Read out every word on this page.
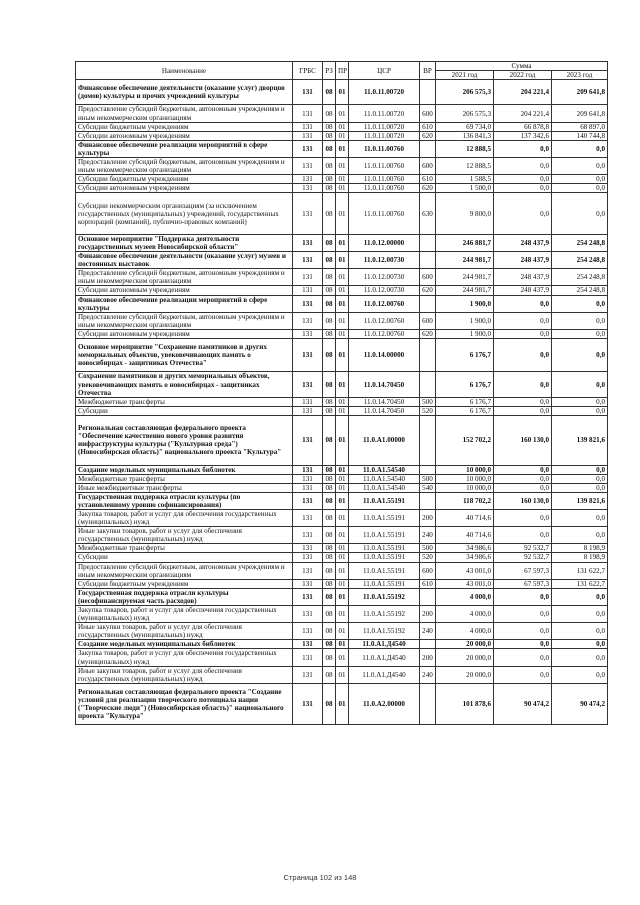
Наименование	ГРБС	РЗ	ПР	ЦСР	ВР	Сумма		
						2021 год	2022 год	2023 год
Финансовое обеспечение деятельности (оказание услуг) дворцов (домов) культуры и прочих учреждений культуры	131	08	01	11.0.11.00720		206 575,3	204 221,4	209 641,8
Предоставление субсидий бюджетным, автономным учреждениям и иным некоммерческим организациям	131	08	01	11.0.11.00720	600	206 575,3	204 221,4	209 641,8
Субсидии бюджетным учреждениям	131	08	01	11.0.11.00720	610	69 734,0	66 878,8	68 897,0
Субсидии автономным учреждениям	131	08	01	11.0.11.00720	620	136 841,3	137 342,6	140 744,8
Финансовое обеспечение реализации мероприятий в сфере культуры	131	08	01	11.0.11.00760		12 888,5	0,0	0,0
Предоставление субсидий бюджетным, автономным учреждениям и иным некоммерческим организациям	131	08	01	11.0.11.00760	600	12 888,5	0,0	0,0
Субсидии бюджетным учреждениям	131	08	01	11.0.11.00760	610	1 588,5	0,0	0,0
Субсидии автономным учреждениям	131	08	01	11.0.11.00760	620	1 500,0	0,0	0,0
Субсидии некоммерческим организациям (за исключением государственных (муниципальных) учреждений, государственных корпораций (компаний), публично-правовых компаний)	131	08	01	11.0.11.00760	630	9 800,0	0,0	0,0
Основное мероприятие "Поддержка деятельности государственных музеев Новосибирской области"	131	08	01	11.0.12.00000		246 881,7	248 437,9	254 248,8
Финансовое обеспечение деятельности (оказание услуг) музеев и постоянных выставок	131	08	01	11.0.12.00730		244 981,7	248 437,9	254 248,8
Предоставление субсидий бюджетным, автономным учреждениям и иным некоммерческим организациям	131	08	01	11.0.12.00730	600	244 981,7	248 437,9	254 248,8
Субсидии автономным учреждениям	131	08	01	11.0.12.00730	620	244 981,7	248 437,9	254 248,8
Финансовое обеспечение реализации мероприятий в сфере культуры	131	08	01	11.0.12.00760		1 900,0	0,0	0,0
Предоставление субсидий бюджетным, автономным учреждениям и иным некоммерческим организациям	131	08	01	11.0.12.00760	600	1 900,0	0,0	0,0
Субсидии автономным учреждениям	131	08	01	11.0.12.00760	620	1 900,0	0,0	0,0
Основное мероприятие "Сохранение памятников и других мемориальных объектов, увековечивающих память о новосибирцах - защитниках Отечества"	131	08	01	11.0.14.00000		6 176,7	0,0	0,0
Сохранение памятников и других мемориальных объектов, увековечивающих память о новосибирцах - защитниках Отечества	131	08	01	11.0.14.70450		6 176,7	0,0	0,0
Межбюджетные трансферты	131	08	01	11.0.14.70450	500	6 176,7	0,0	0,0
Субсидии	131	08	01	11.0.14.70450	520	6 176,7	0,0	0,0
Региональная составляющая федерального проекта "Обеспечение качественно нового уровня развития инфраструктуры культуры ("Культурная среда") (Новосибирская область)" национального проекта "Культура"	131	08	01	11.0.A1.00000		152 702,2	160 130,0	139 821,6
Создание модельных муниципальных библиотек	131	08	01	11.0.A1.54540		10 000,0	0,0	0,0
Межбюджетные трансферты	131	08	01	11.0.A1.54540	500	10 000,0	0,0	0,0
Иные межбюджетные трансферты	131	08	01	11.0.A1.54540	540	10 000,0	0,0	0,0
Государственная поддержка отрасли культуры (по установленному уровню софинансирования)	131	08	01	11.0.A1.55191		118 702,2	160 130,0	139 821,6
Закупка товаров, работ и услуг для обеспечения государственных (муниципальных) нужд	131	08	01	11.0.A1.55191	200	40 714,6	0,0	0,0
Иные закупки товаров, работ и услуг для обеспечения государственных (муниципальных) нужд	131	08	01	11.0.A1.55191	240	40 714,6	0,0	0,0
Межбюджетные трансферты	131	08	01	11.0.A1.55191	500	34 986,6	92 532,7	8 198,9
Субсидии	131	08	01	11.0.A1.55191	520	34 986,6	92 532,7	8 198,9
Предоставление субсидий бюджетным, автономным учреждениям и иным некоммерческим организациям	131	08	01	11.0.A1.55191	600	43 001,0	67 597,3	131 622,7
Субсидии бюджетным учреждениям	131	08	01	11.0.A1.55191	610	43 001,0	67 597,3	131 622,7
Государственная поддержка отрасли культуры (несофинансируемая часть расходов)	131	08	01	11.0.A1.55192		4 000,0	0,0	0,0
Закупка товаров, работ и услуг для обеспечения государственных (муниципальных) нужд	131	08	01	11.0.A1.55192	200	4 000,0	0,0	0,0
Иные закупки товаров, работ и услуг для обеспечения государственных (муниципальных) нужд	131	08	01	11.0.A1.55192	240	4 000,0	0,0	0,0
Создание модельных муниципальных библиотек	131	08	01	11.0.A1.Д4540		20 000,0	0,0	0,0
Закупка товаров, работ и услуг для обеспечения государственных (муниципальных) нужд	131	08	01	11.0.A1.Д4540	200	20 000,0	0,0	0,0
Иные закупки товаров, работ и услуг для обеспечения государственных (муниципальных) нужд	131	08	01	11.0.A1.Д4540	240	20 000,0	0,0	0,0
Региональная составляющая федерального проекта "Создание условий для реализации творческого потенциала нации ("Творческие люди") (Новосибирская область)" национального проекта "Культура"	131	08	01	11.0.A2.00000		101 878,6	90 474,2	90 474,2
Страница 102 из 148
